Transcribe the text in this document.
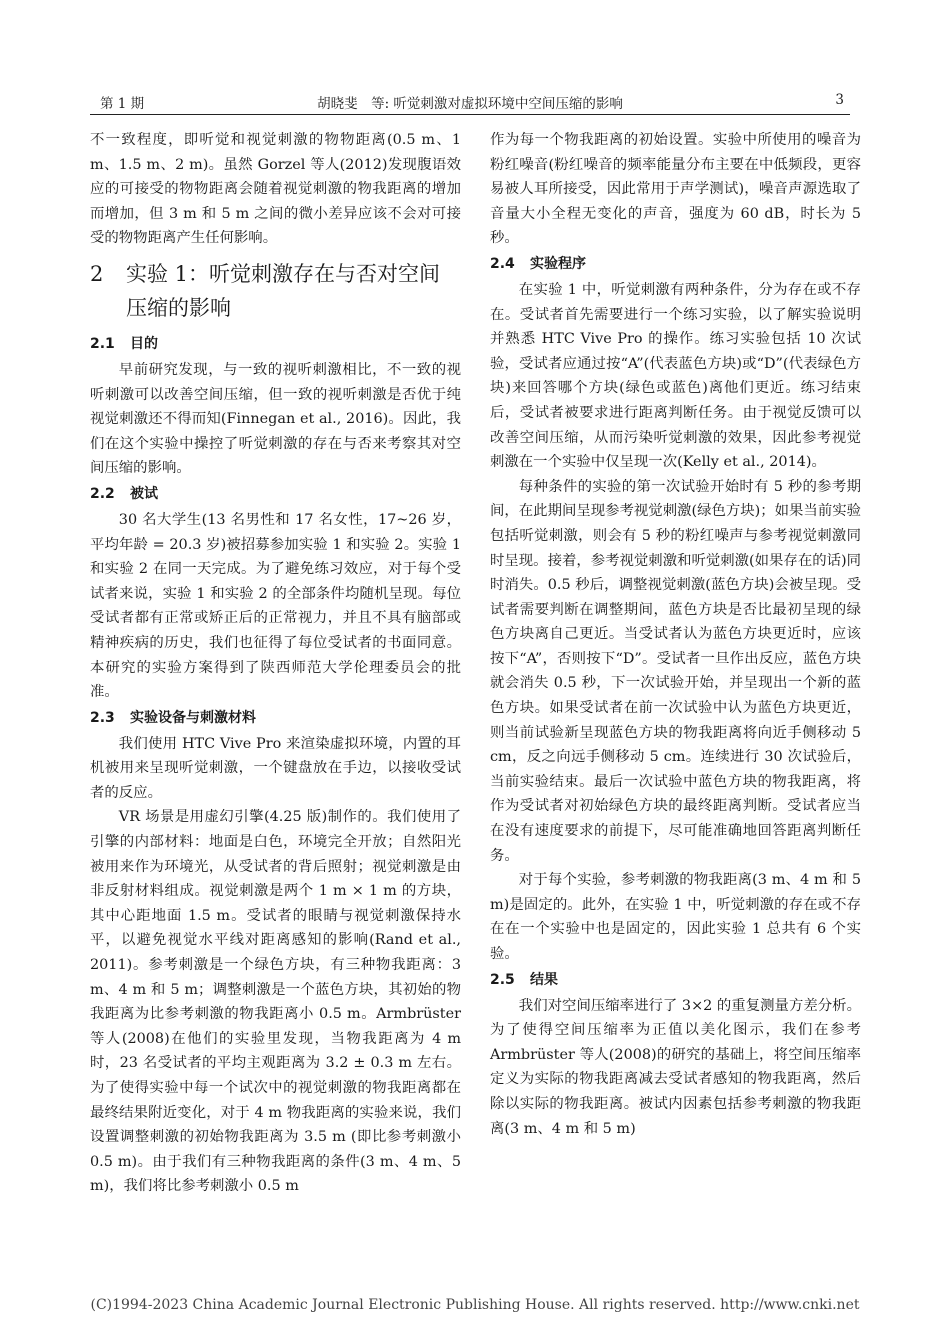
第 1 期	胡晓斐　等: 听觉刺激对虚拟环境中空间压缩的影响	3

不一致程度，即听觉和视觉刺激的物物距离(0.5 m、1 m、1.5 m、2 m)。虽然 Gorzel 等人(2012)发现腹语效应的可接受的物物距离会随着视觉刺激的物我距离的增加而增加，但 3 m 和 5 m 之间的微小差异应该不会对可接受的物物距离产生任何影响。

2	实验 1：听觉刺激存在与否对空间压缩的影响
2.1 目的

早前研究发现，与一致的视听刺激相比，不一致的视听刺激可以改善空间压缩，但一致的视听刺激是否优于纯视觉刺激还不得而知(Finnegan et al., 2016)。因此，我们在这个实验中操控了听觉刺激的存在与否来考察其对空间压缩的影响。

2.2 被试

30 名大学生(13 名男性和 17 名女性，17~26 岁，平均年龄 = 20.3 岁)被招募参加实验 1 和实验 2。实验 1 和实验 2 在同一天完成。为了避免练习效应，对于每个受试者来说，实验 1 和实验 2 的全部条件均随机呈现。每位受试者都有正常或矫正后的正常视力，并且不具有脑部或精神疾病的历史，我们也征得了每位受试者的书面同意。本研究的实验方案得到了陕西师范大学伦理委员会的批准。

2.3 实验设备与刺激材料

我们使用 HTC Vive Pro 来渲染虚拟环境，内置的耳机被用来呈现听觉刺激，一个键盘放在手边，以接收受试者的反应。

VR 场景是用虚幻引擎(4.25 版)制作的。我们使用了引擎的内部材料：地面是白色，环境完全开放；自然阳光被用来作为环境光，从受试者的背后照射；视觉刺激是由非反射材料组成。视觉刺激是两个 1 m × 1 m 的方块，其中心距地面 1.5 m。受试者的眼睛与视觉刺激保持水平，以避免视觉水平线对距离感知的影响(Rand et al., 2011)。参考刺激是一个绿色方块，有三种物我距离：3 m、4 m 和 5 m；调整刺激是一个蓝色方块，其初始的物我距离为比参考刺激的物我距离小 0.5 m。Armbrüster 等人(2008)在他们的实验里发现，当物我距离为 4 m 时，23 名受试者的平均主观距离为 3.2 ± 0.3 m 左右。为了使得实验中每一个试次中的视觉刺激的物我距离都在最终结果附近变化，对于 4 m 物我距离的实验来说，我们设置调整刺激的初始物我距离为 3.5 m (即比参考刺激小 0.5 m)。由于我们有三种物我距离的条件(3 m、4 m、5 m)，我们将比参考刺激小 0.5 m

作为每一个物我距离的初始设置。实验中所使用的噪音为粉红噪音(粉红噪音的频率能量分布主要在中低频段，更容易被人耳所接受，因此常用于声学测试)，噪音声源选取了音量大小全程无变化的声音，强度为 60 dB，时长为 5 秒。

2.4 实验程序

在实验 1 中，听觉刺激有两种条件，分为存在或不存在。受试者首先需要进行一个练习实验，以了解实验说明并熟悉 HTC Vive Pro 的操作。练习实验包括 10 次试验，受试者应通过按“A”(代表蓝色方块)或“D”(代表绿色方块)来回答哪个方块(绿色或蓝色)离他们更近。练习结束后，受试者被要求进行距离判断任务。由于视觉反馈可以改善空间压缩，从而污染听觉刺激的效果，因此参考视觉刺激在一个实验中仅呈现一次(Kelly et al., 2014)。

每种条件的实验的第一次试验开始时有 5 秒的参考期间，在此期间呈现参考视觉刺激(绿色方块)；如果当前实验包括听觉刺激，则会有 5 秒的粉红噪声与参考视觉刺激同时呈现。接着，参考视觉刺激和听觉刺激(如果存在的话)同时消失。0.5 秒后，调整视觉刺激(蓝色方块)会被呈现。受试者需要判断在调整期间，蓝色方块是否比最初呈现的绿色方块离自己更近。当受试者认为蓝色方块更近时，应该按下“A”，否则按下“D”。受试者一旦作出反应，蓝色方块就会消失 0.5 秒，下一次试验开始，并呈现出一个新的蓝色方块。如果受试者在前一次试验中认为蓝色方块更近，则当前试验新呈现蓝色方块的物我距离将向近手侧移动 5 cm，反之向远手侧移动 5 cm。连续进行 30 次试验后，当前实验结束。最后一次试验中蓝色方块的物我距离，将作为受试者对初始绿色方块的最终距离判断。受试者应当在没有速度要求的前提下，尽可能准确地回答距离判断任务。

对于每个实验，参考刺激的物我距离(3 m、4 m 和 5 m)是固定的。此外，在实验 1 中，听觉刺激的存在或不存在在一个实验中也是固定的，因此实验 1 总共有 6 个实验。

2.5 结果

我们对空间压缩率进行了 3×2 的重复测量方差分析。为了使得空间压缩率为正值以美化图示，我们在参考 Armbrüster 等人(2008)的研究的基础上，将空间压缩率定义为实际的物我距离减去受试者感知的物我距离，然后除以实际的物我距离。被试内因素包括参考刺激的物我距离(3 m、4 m 和 5 m)

(C)1994-2023 China Academic Journal Electronic Publishing House. All rights reserved. http://www.cnki.net
